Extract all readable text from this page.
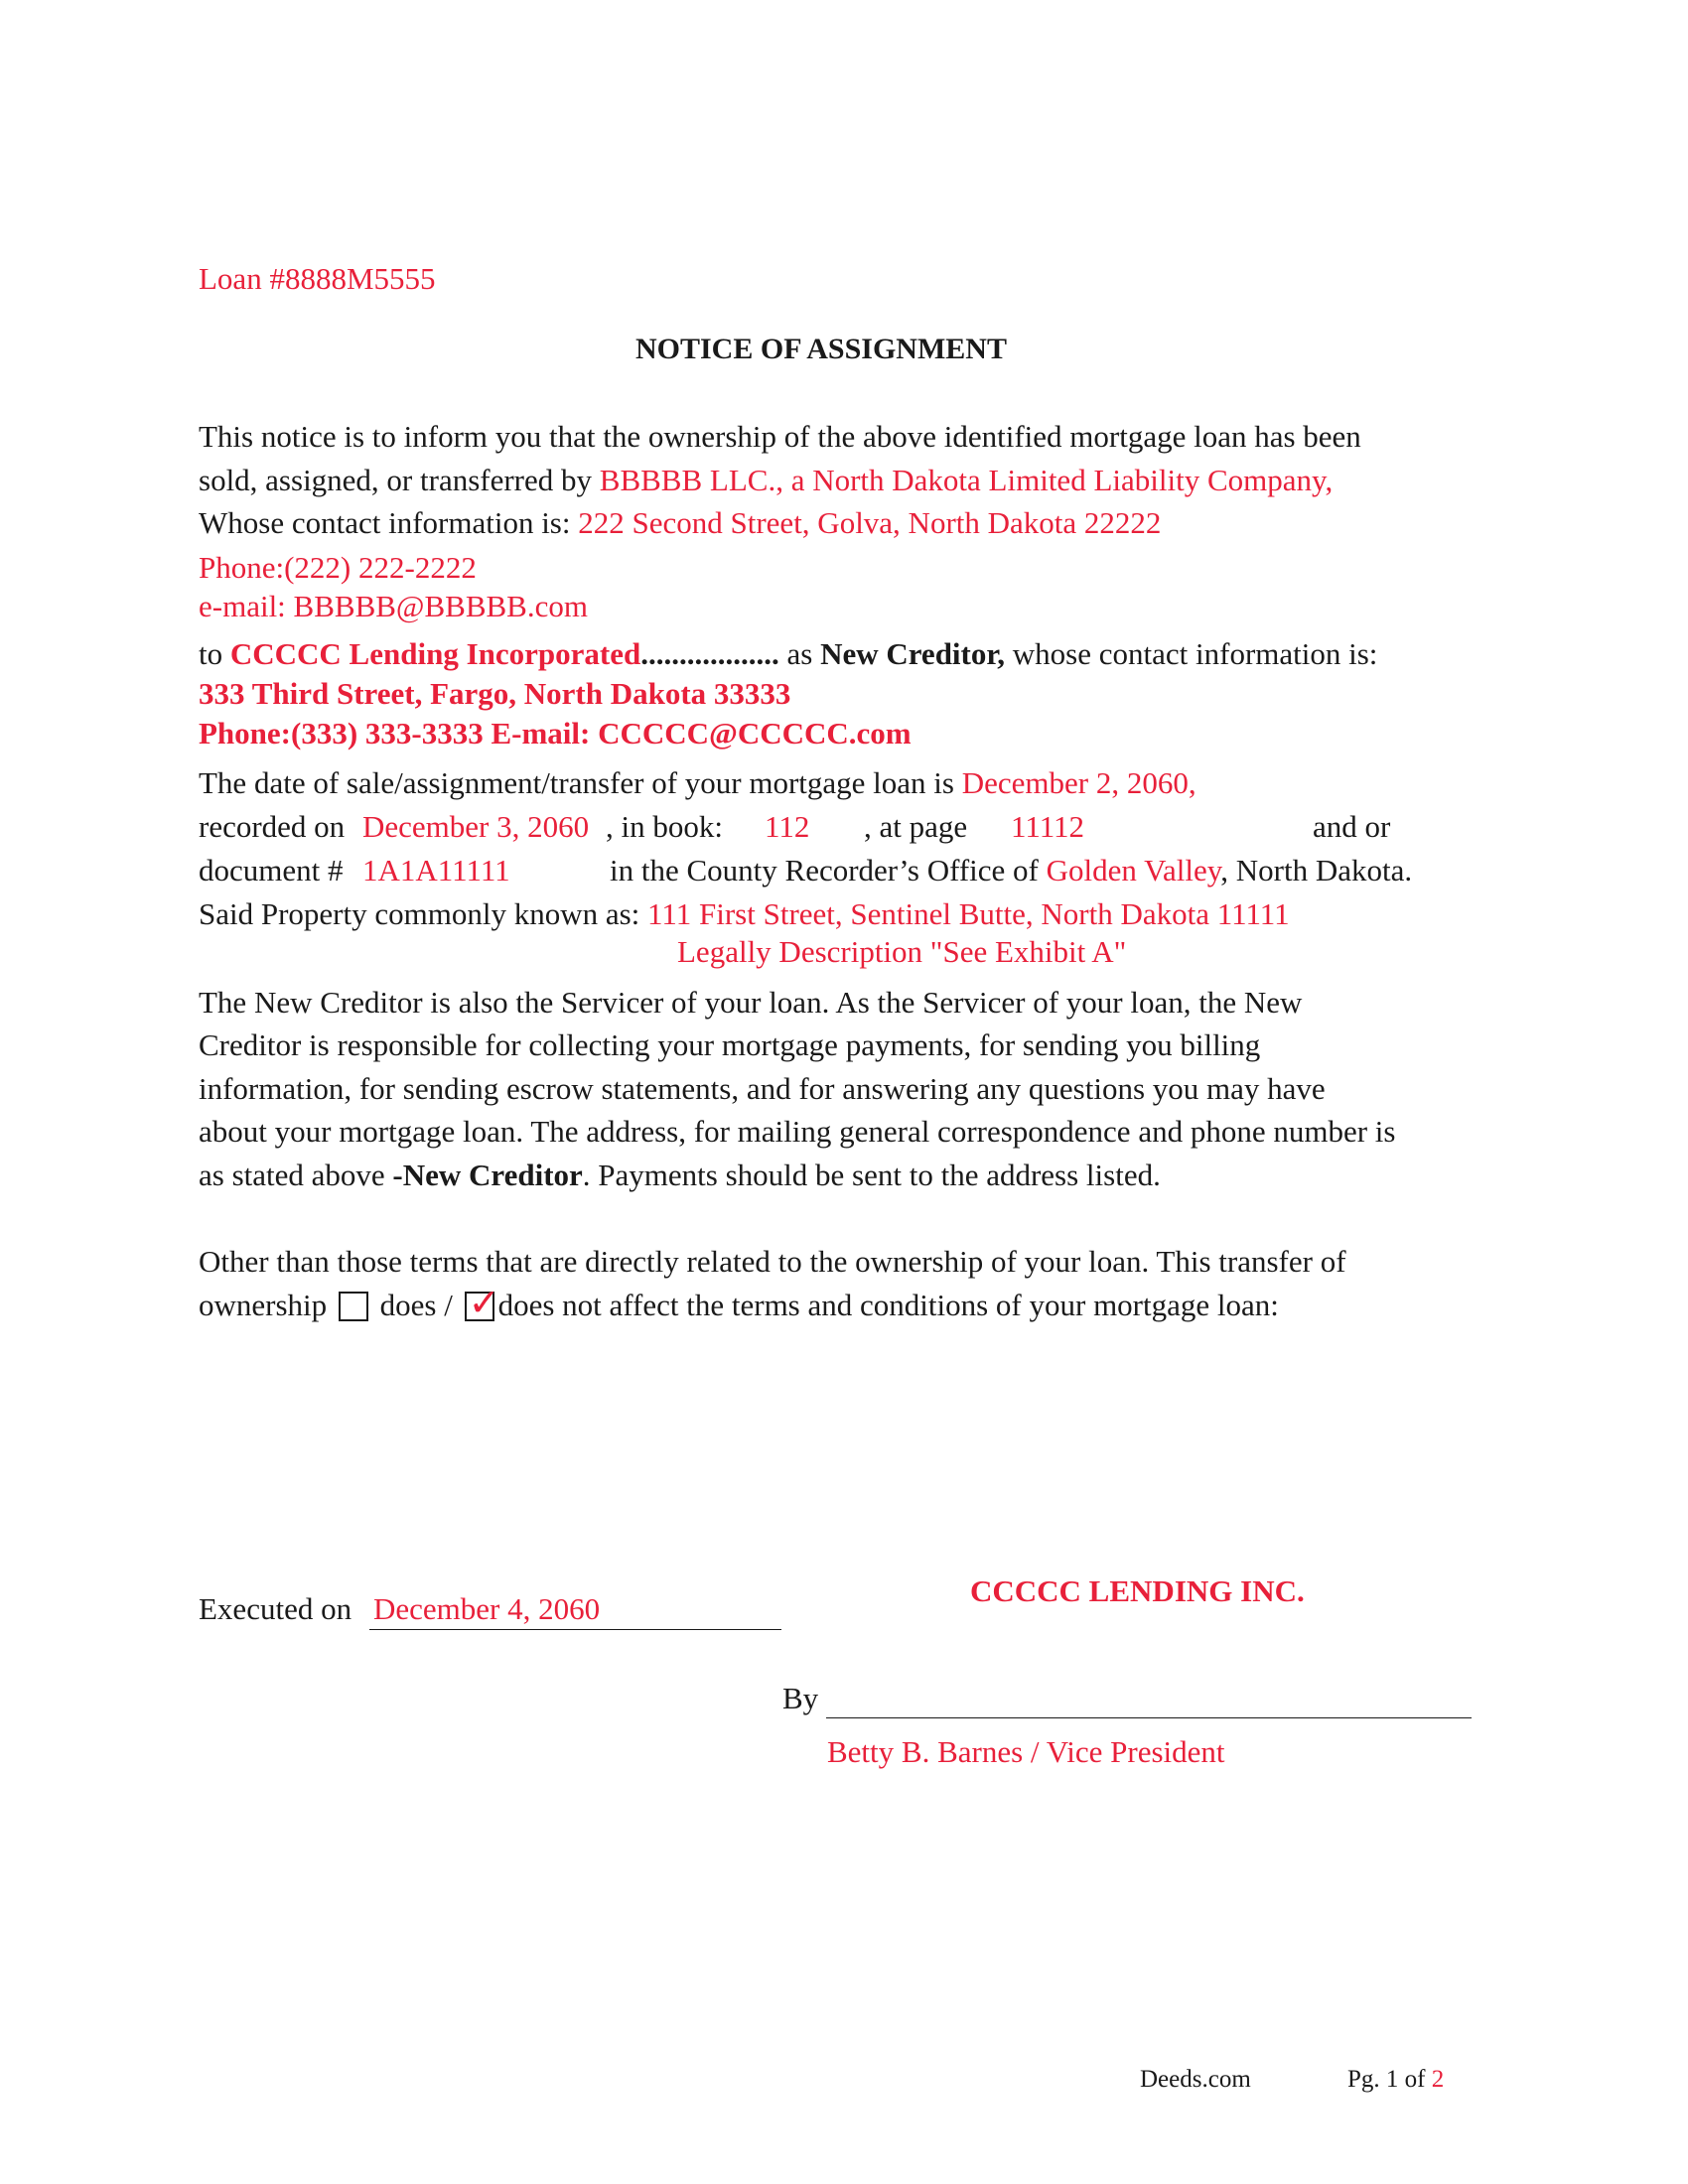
Loan #8888M5555
NOTICE OF ASSIGNMENT
This notice is to inform you that the ownership of the above identified mortgage loan has been
sold, assigned, or transferred by BBBBB LLC., a North Dakota Limited Liability Company,
Whose contact information is: 222 Second Street, Golva, North Dakota 22222
Phone:(222) 222-2222
e-mail: BBBBB@BBBBB.com
to CCCCC Lending Incorporated.................. as New Creditor, whose contact information is:
333 Third Street, Fargo, North Dakota 33333
Phone:(333) 333-3333 E-mail: CCCCC@CCCCC.com
The date of sale/assignment/transfer of your mortgage loan is December 2, 2060,
recorded on December 3, 2060 , in book: 112 , at page 11112	and or
document # 1A1A11111	in the County Recorder’s Office of Golden Valley, North Dakota.
Said Property commonly known as: 111 First Street, Sentinel Butte, North Dakota 11111
Legally Description "See Exhibit A"
The New Creditor is also the Servicer of your loan. As the Servicer of your loan, the New
Creditor is responsible for collecting your mortgage payments, for sending you billing
information, for sending escrow statements, and for answering any questions you may have
about your mortgage loan. The address, for mailing general correspondence and phone number is
as stated above -New Creditor. Payments should be sent to the address listed.
Other than those terms that are directly related to the ownership of your loan. This transfer of
ownership does / ✓
does not affect the terms and conditions of your mortgage loan:
Executed on December 4, 2060
CCCCC LENDING INC.
By
Betty B. Barnes / Vice President
Deeds.com	Pg. 1 of 2
